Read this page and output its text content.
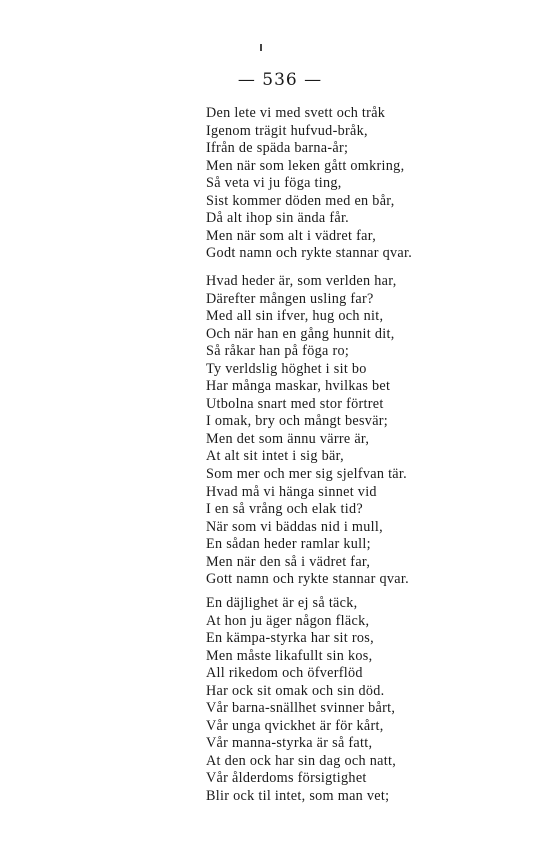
— 536 —
Den lete vi med svett och tråk
Igenom trägit hufvud-bråk,
Ifrån de späda barna-år;
Men när som leken gått omkring,
Så veta vi ju föga ting,
Sist kommer döden med en bår,
Då alt ihop sin ända får.
Men när som alt i vädret far,
Godt namn och rykte stannar qvar.
Hvad heder är, som verlden har,
Därefter mången usling far?
Med all sin ifver, hug och nit,
Och när han en gång hunnit dit,
Så råkar han på föga ro;
Ty verldslig höghet i sit bo
Har många maskar, hvilkas bet
Utbolna snart med stor förtret
I omak, bry och mångt besvär;
Men det som ännu värre är,
At alt sit intet i sig bär,
Som mer och mer sig sjelfvan tär.
Hvad må vi hänga sinnet vid
I en så vrång och elak tid?
När som vi bäddas nid i mull,
En sådan heder ramlar kull;
Men när den så i vädret far,
Gott namn och rykte stannar qvar.
En däjlighet är ej så täck,
At hon ju äger någon fläck,
En kämpa-styrka har sit ros,
Men måste likafullt sin kos,
All rikedom och öfverflöd
Har ock sit omak och sin död.
Vår barna-snällhet svinner bårt,
Vår unga qvickhet är för kårt,
Vår manna-styrka är så fatt,
At den ock har sin dag och natt,
Vår ålderdoms försigtighet
Blir ock til intet, som man vet;
